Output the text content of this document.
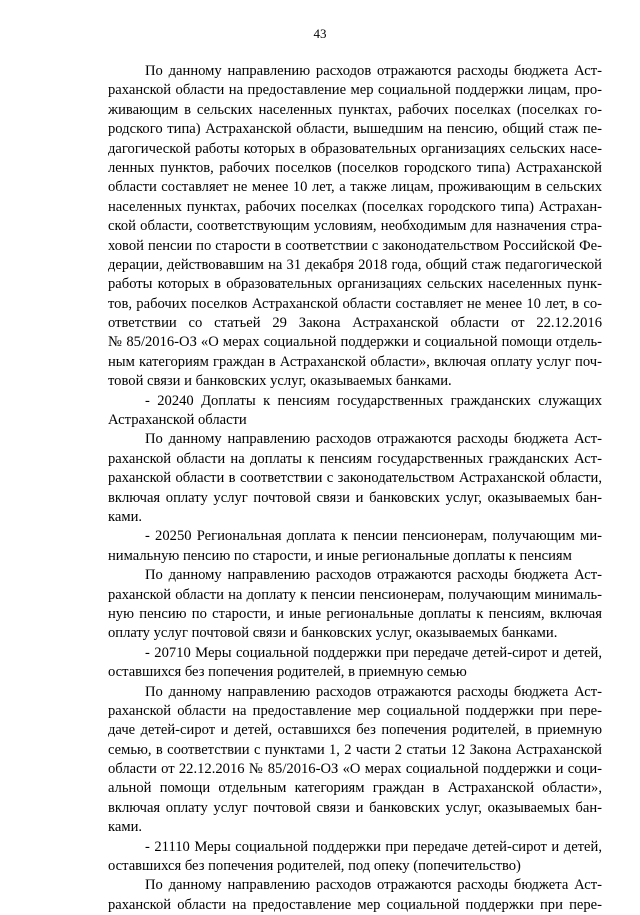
43
По данному направлению расходов отражаются расходы бюджета Аст-
раханской области на предоставление мер социальной поддержки лицам, про-
живающим в сельских населенных пунктах, рабочих поселках (поселках го-
родского типа) Астраханской области, вышедшим на пенсию, общий стаж пе-
дагогической работы которых в образовательных организациях сельских насе-
ленных пунктов, рабочих поселков (поселков городского типа) Астраханской
области составляет не менее 10 лет, а также лицам, проживающим в сельских
населенных пунктах, рабочих поселках (поселках городского типа) Астрахан-
ской области, соответствующим условиям, необходимым для назначения стра-
ховой пенсии по старости в соответствии с законодательством Российской Фе-
дерации, действовавшим на 31 декабря 2018 года, общий стаж педагогической
работы которых в образовательных организациях сельских населенных пунк-
тов, рабочих поселков Астраханской области составляет не менее 10 лет, в со-
ответствии со статьей 29 Закона Астраханской области от 22.12.2016
№ 85/2016-ОЗ «О мерах социальной поддержки и социальной помощи отдель-
ным категориям граждан в Астраханской области», включая оплату услуг поч-
товой связи и банковских услуг, оказываемых банками.
- 20240 Доплаты к пенсиям государственных гражданских служащих
Астраханской области
По данному направлению расходов отражаются расходы бюджета Аст-
раханской области на доплаты к пенсиям государственных гражданских Аст-
раханской области в соответствии с законодательством Астраханской области,
включая оплату услуг почтовой связи и банковских услуг, оказываемых бан-
ками.
- 20250 Региональная доплата к пенсии пенсионерам, получающим ми-
нимальную пенсию по старости, и иные региональные доплаты к пенсиям
По данному направлению расходов отражаются расходы бюджета Аст-
раханской области на доплату к пенсии пенсионерам, получающим минималь-
ную пенсию по старости, и иные региональные доплаты к пенсиям, включая
оплату услуг почтовой связи и банковских услуг, оказываемых банками.
- 20710 Меры социальной поддержки при передаче детей-сирот и детей,
оставшихся без попечения родителей, в приемную семью
По данному направлению расходов отражаются расходы бюджета Аст-
раханской области на предоставление мер социальной поддержки при пере-
даче детей-сирот и детей, оставшихся без попечения родителей, в приемную
семью, в соответствии с пунктами 1, 2 части 2 статьи 12 Закона Астраханской
области от 22.12.2016 № 85/2016-ОЗ «О мерах социальной поддержки и соци-
альной помощи отдельным категориям граждан в Астраханской области»,
включая оплату услуг почтовой связи и банковских услуг, оказываемых бан-
ками.
- 21110 Меры социальной поддержки при передаче детей-сирот и детей,
оставшихся без попечения родителей, под опеку (попечительство)
По данному направлению расходов отражаются расходы бюджета Аст-
раханской области на предоставление мер социальной поддержки при пере-
